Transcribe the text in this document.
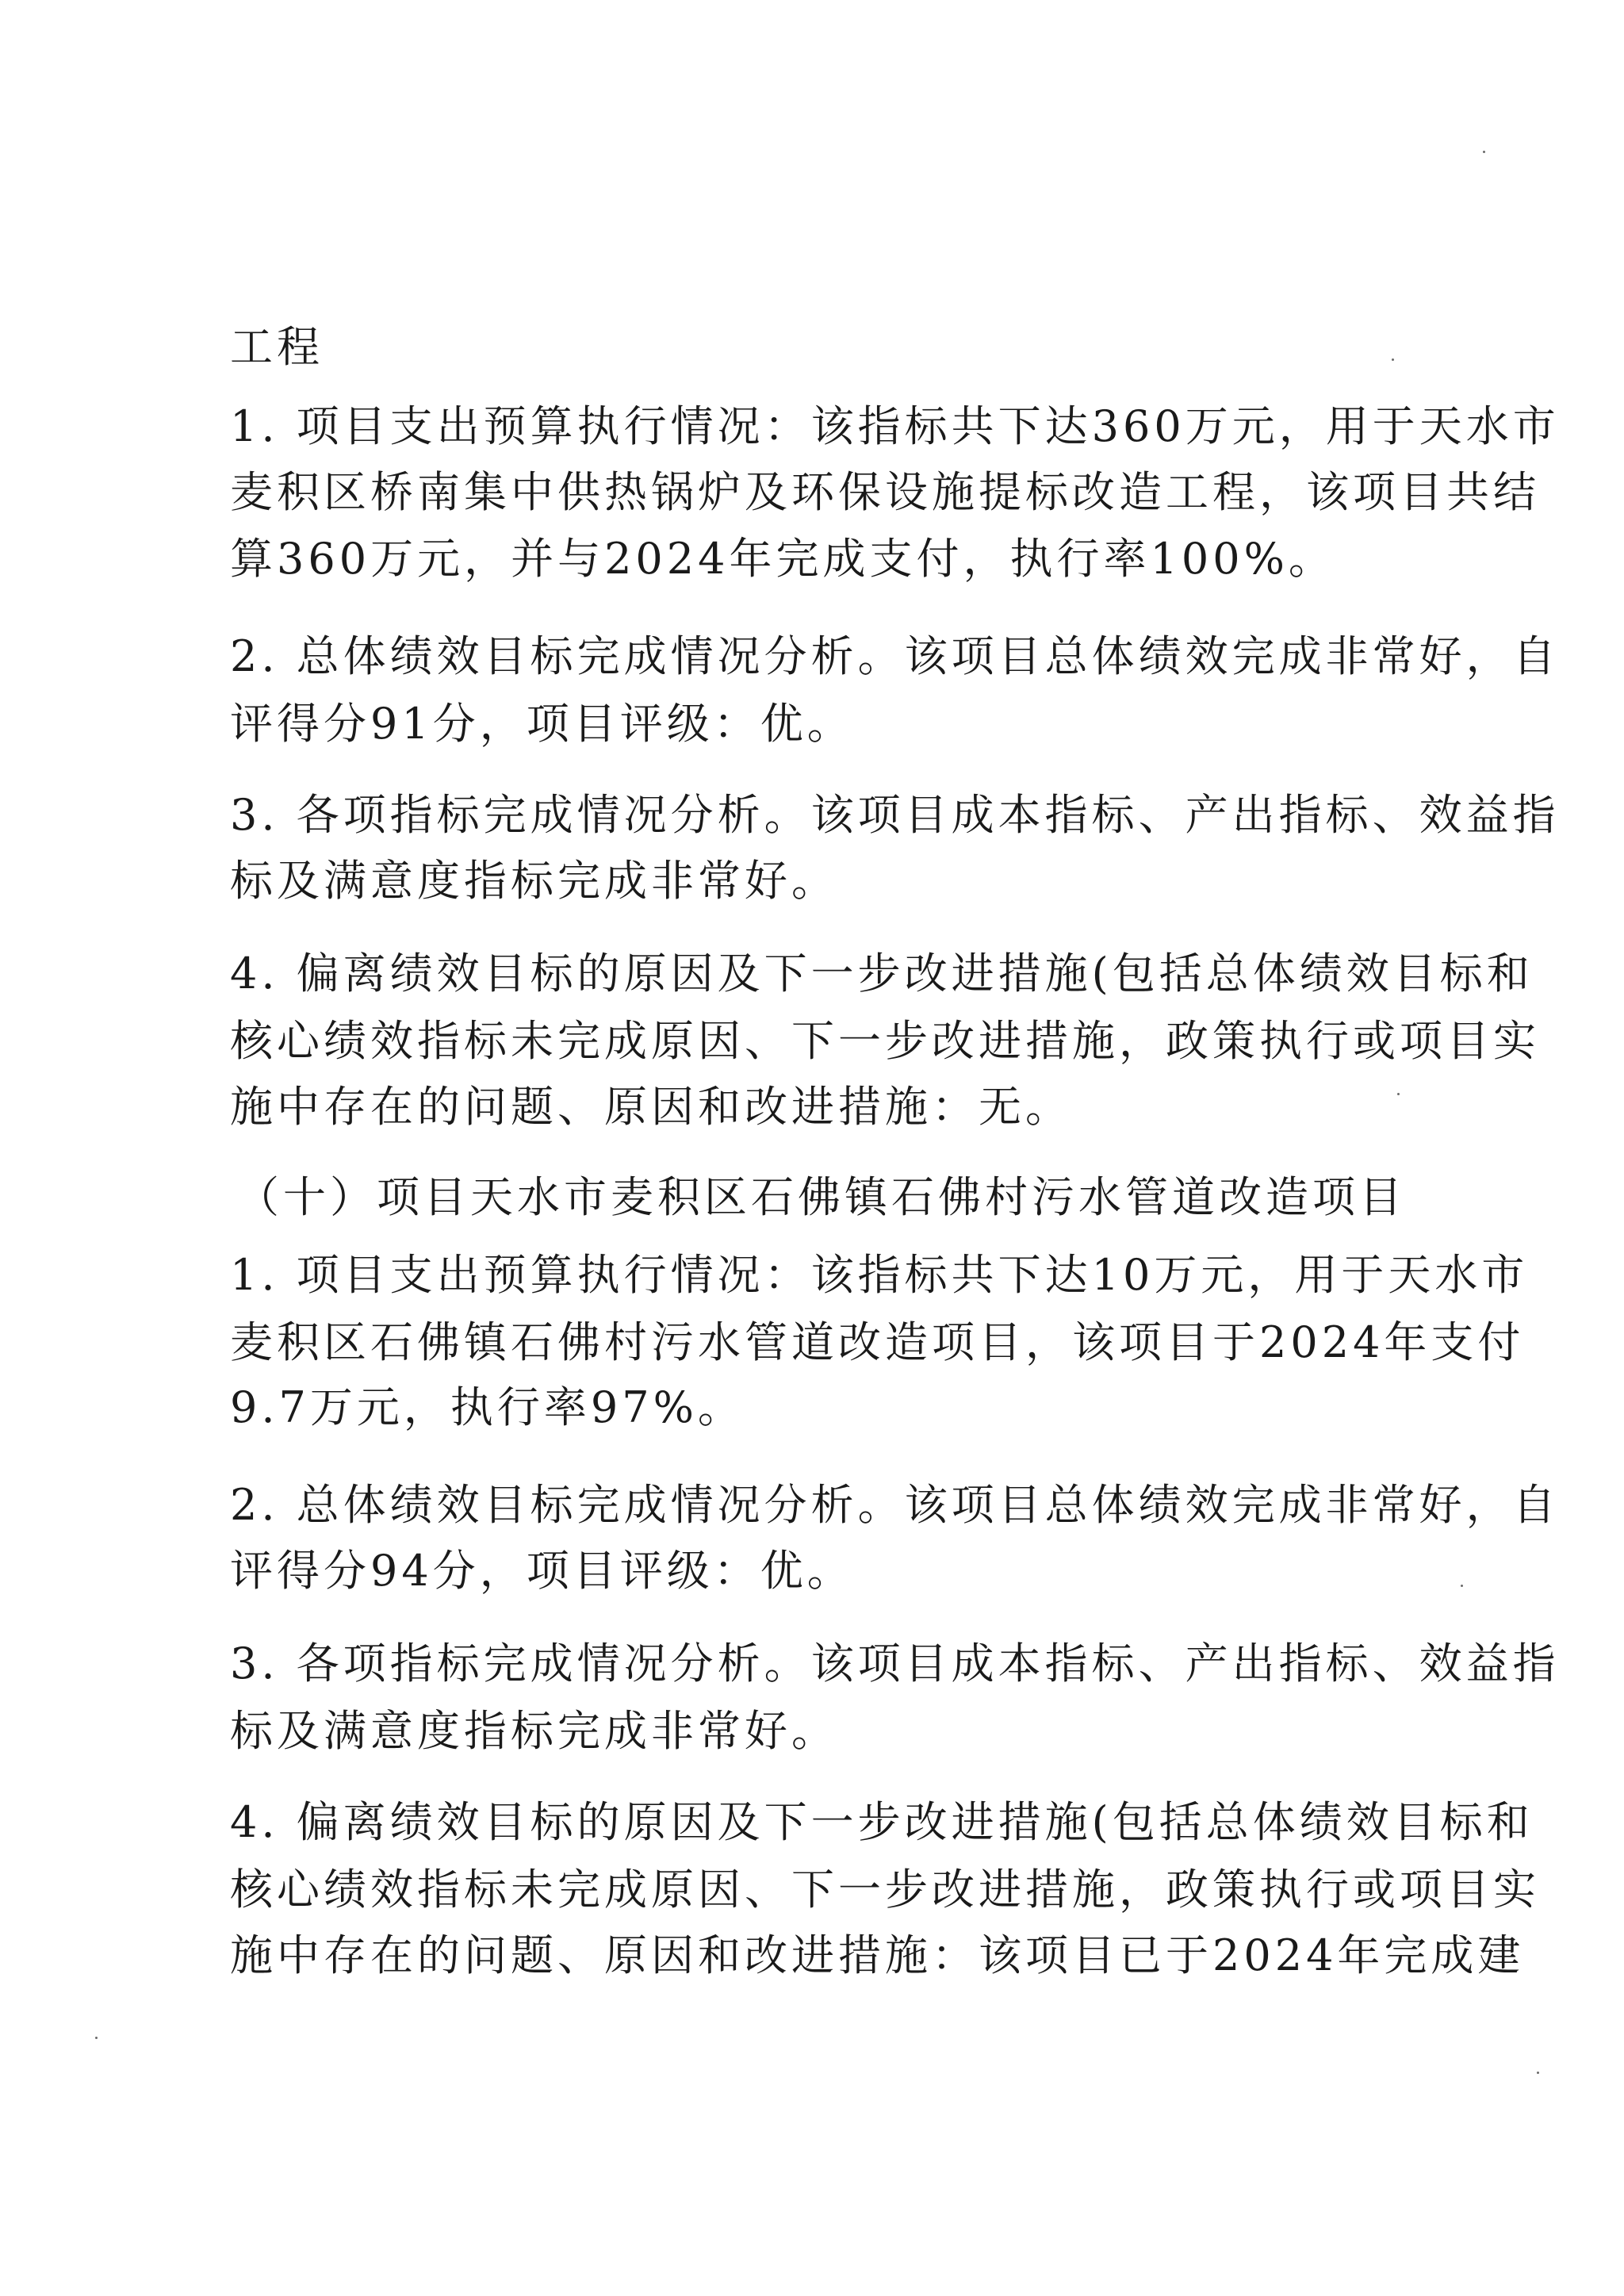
工程
1. 项目支出预算执行情况：该指标共下达360万元，用于天水市
麦积区桥南集中供热锅炉及环保设施提标改造工程，该项目共结
算360万元，并与2024年完成支付，执行率100%。
2. 总体绩效目标完成情况分析。该项目总体绩效完成非常好，自
评得分91分，项目评级：优。
3. 各项指标完成情况分析。该项目成本指标、产出指标、效益指
标及满意度指标完成非常好。
4. 偏离绩效目标的原因及下一步改进措施(包括总体绩效目标和
核心绩效指标未完成原因、下一步改进措施，政策执行或项目实
施中存在的问题、原因和改进措施：无。
（十）项目天水市麦积区石佛镇石佛村污水管道改造项目
1. 项目支出预算执行情况：该指标共下达10万元，用于天水市
麦积区石佛镇石佛村污水管道改造项目，该项目于2024年支付
9.7万元，执行率97%。
2. 总体绩效目标完成情况分析。该项目总体绩效完成非常好，自
评得分94分，项目评级：优。
3. 各项指标完成情况分析。该项目成本指标、产出指标、效益指
标及满意度指标完成非常好。
4. 偏离绩效目标的原因及下一步改进措施(包括总体绩效目标和
核心绩效指标未完成原因、下一步改进措施，政策执行或项目实
施中存在的问题、原因和改进措施：该项目已于2024年完成建
